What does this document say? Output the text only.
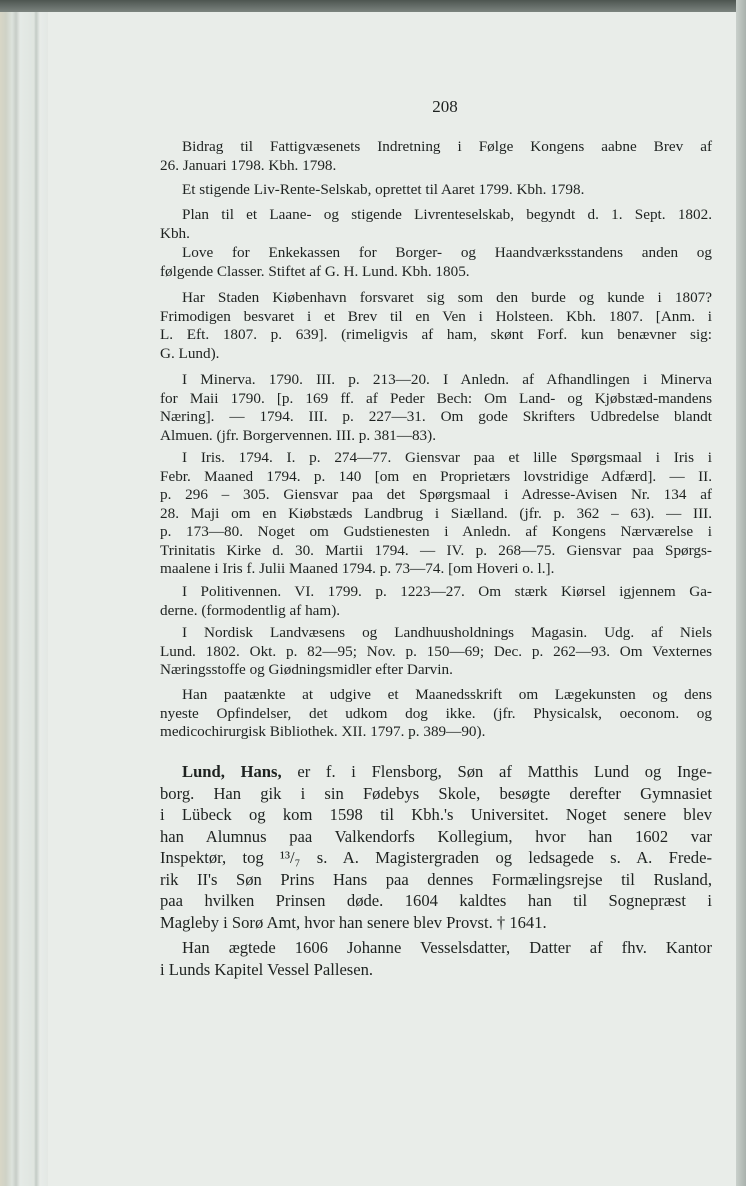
208
Bidrag til Fattigvæsenets Indretning i Følge Kongens aabne Brev af
26. Januari 1798. Kbh. 1798.
Et stigende Liv-Rente-Selskab, oprettet til Aaret 1799. Kbh. 1798.
Plan til et Laane- og stigende Livrenteselskab, begyndt d. 1. Sept. 1802.
Kbh.
Love for Enkekassen for Borger- og Haandværksstandens anden og
følgende Classer. Stiftet af G. H. Lund. Kbh. 1805.
Har Staden Kiøbenhavn forsvaret sig som den burde og kunde i 1807?
Frimodigen besvaret i et Brev til en Ven i Holsteen. Kbh. 1807. [Anm. i
L. Eft. 1807. p. 639]. (rimeligvis af ham, skønt Forf. kun benævner sig:
G. Lund).
I Minerva. 1790. III. p. 213—20. I Anledn. af Afhandlingen i Minerva
for Maii 1790. [p. 169 ff. af Peder Bech: Om Land- og Kjøbstæd-mandens
Næring]. — 1794. III. p. 227—31. Om gode Skrifters Udbredelse blandt
Almuen. (jfr. Borgervennen. III. p. 381—83).
I Iris. 1794. I. p. 274—77. Giensvar paa et lille Spørgsmaal i Iris i
Febr. Maaned 1794. p. 140 [om en Proprietærs lovstridige Adfærd]. — II.
p. 296 – 305. Giensvar paa det Spørgsmaal i Adresse-Avisen Nr. 134 af
28. Maji om en Kiøbstæds Landbrug i Siælland. (jfr. p. 362 – 63). — III.
p. 173—80. Noget om Gudstienesten i Anledn. af Kongens Nærværelse i
Trinitatis Kirke d. 30. Martii 1794. — IV. p. 268—75. Giensvar paa Spørgs-
maalene i Iris f. Julii Maaned 1794. p. 73—74. [om Hoveri o. l.].
I Politivennen. VI. 1799. p. 1223—27. Om stærk Kiørsel igjennem Ga-
derne. (formodentlig af ham).
I Nordisk Landvæsens og Landhuusholdnings Magasin. Udg. af Niels
Lund. 1802. Okt. p. 82—95; Nov. p. 150—69; Dec. p. 262—93. Om Vexternes
Næringsstoffe og Giødningsmidler efter Darvin.
Han paatænkte at udgive et Maanedsskrift om Lægekunsten og dens
nyeste Opfindelser, det udkom dog ikke. (jfr. Physicalsk, oeconom. og
medicochirurgisk Bibliothek. XII. 1797. p. 389—90).
Lund, Hans, er f. i Flensborg, Søn af Matthis Lund og Inge-
borg. Han gik i sin Fødebys Skole, besøgte derefter Gymnasiet
i Lübeck og kom 1598 til Kbh.'s Universitet. Noget senere blev
han Alumnus paa Valkendorfs Kollegium, hvor han 1602 var
Inspektør, tog ¹³/₇ s. A. Magistergraden og ledsagede s. A. Frede-
rik II's Søn Prins Hans paa dennes Formælingsrejse til Rusland,
paa hvilken Prinsen døde. 1604 kaldtes han til Sognepræst i
Magleby i Sorø Amt, hvor han senere blev Provst. † 1641.
Han ægtede 1606 Johanne Vesselsdatter, Datter af fhv. Kantor
i Lunds Kapitel Vessel Pallesen.
